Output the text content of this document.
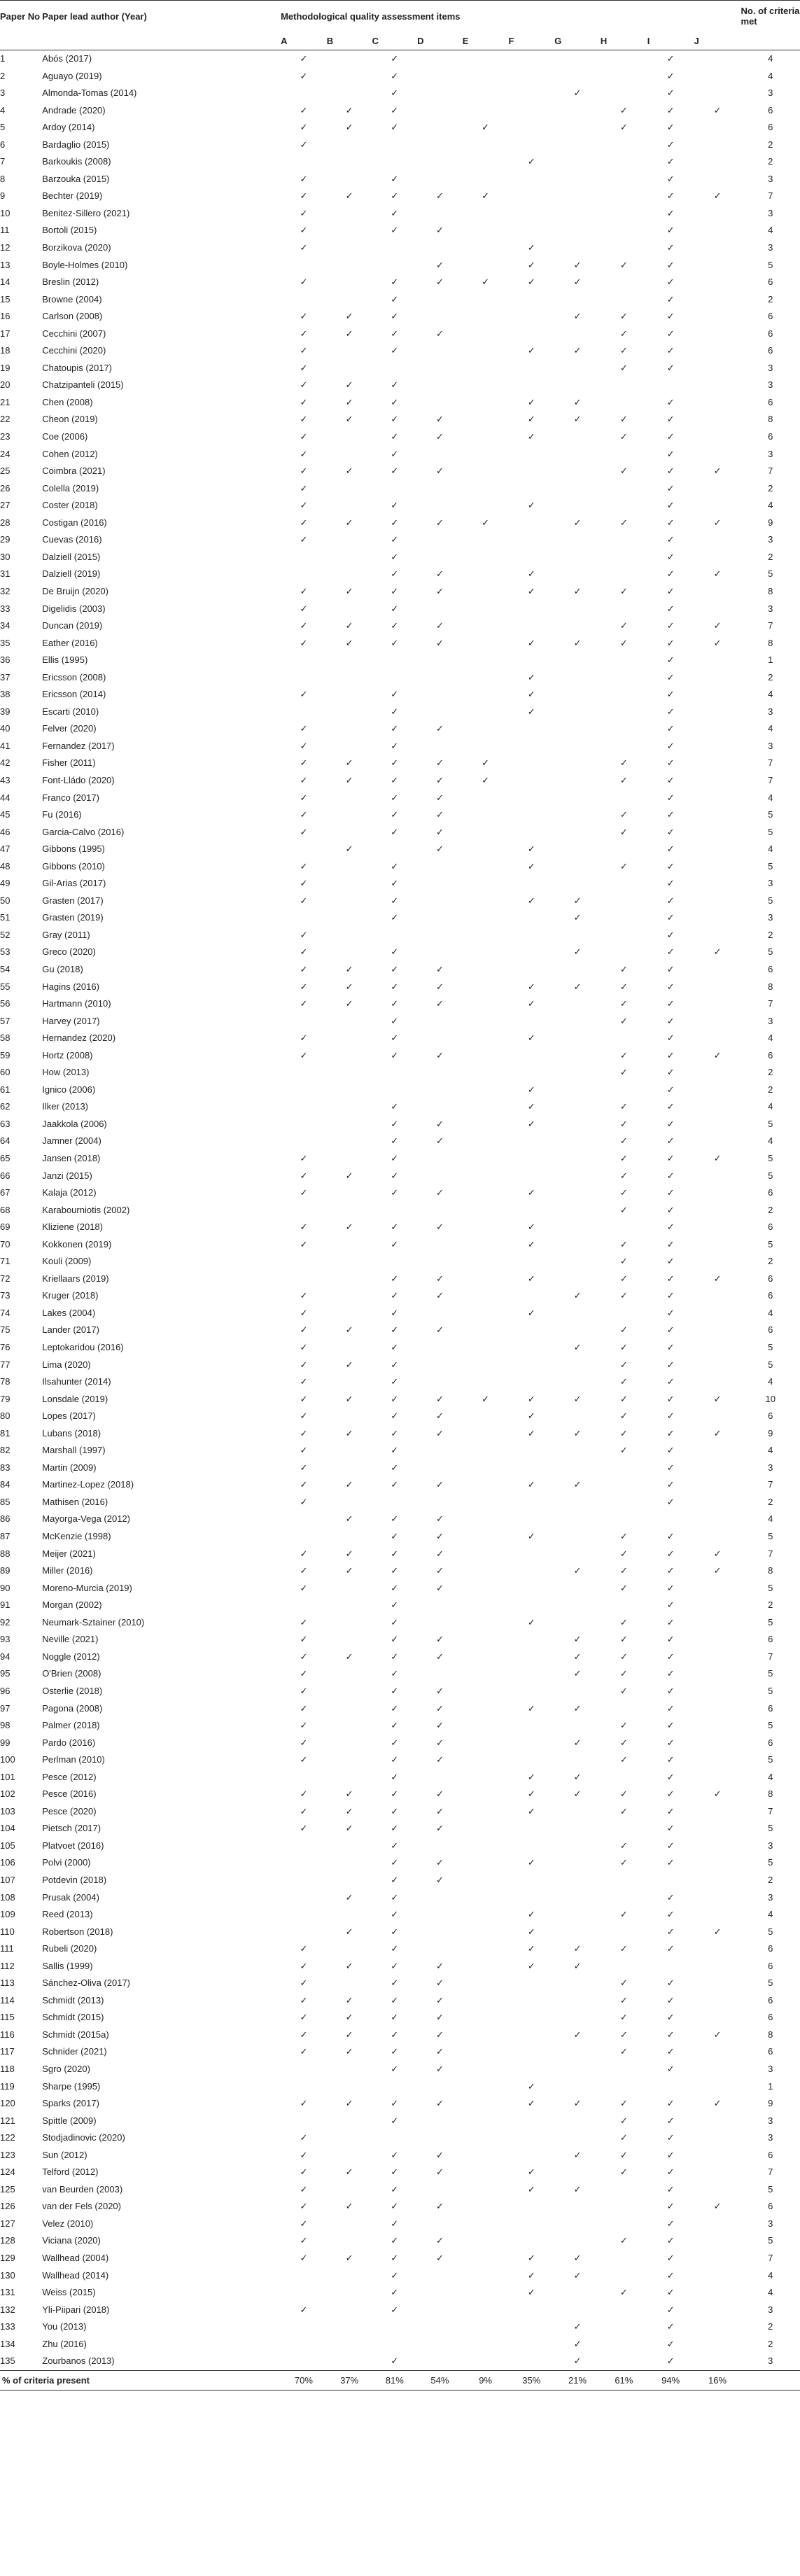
Paper No	Paper lead author (Year)	Methodological quality assessment items										No. of criteria met
		A	B	C	D	E	F	G	H	I	J	
1	Abós (2017)	✓		✓						✓		4
2	Aguayo (2019)	✓		✓						✓		4
3	Almonda-Tomas (2014)			✓				✓		✓		3
4	Andrade (2020)	✓	✓	✓					✓	✓	✓	6
5	Ardoy (2014)	✓	✓	✓		✓			✓	✓		6
6	Bardaglio (2015)	✓								✓		2
7	Barkoukis (2008)						✓			✓		2
8	Barzouka (2015)	✓		✓						✓		3
9	Bechter (2019)	✓	✓	✓	✓	✓				✓	✓	7
10	Benitez-Sillero (2021)	✓		✓						✓		3
11	Bortoli (2015)	✓		✓	✓					✓		4
12	Borzikova (2020)	✓					✓			✓		3
13	Boyle-Holmes (2010)				✓		✓	✓	✓	✓		5
14	Breslin (2012)	✓		✓	✓	✓	✓	✓		✓		6
15	Browne (2004)			✓						✓		2
16	Carlson (2008)	✓	✓	✓				✓	✓	✓		6
17	Cecchini (2007)	✓	✓	✓	✓				✓	✓		6
18	Cecchini (2020)	✓		✓			✓	✓	✓	✓		6
19	Chatoupis (2017)	✓							✓	✓		3
20	Chatzipanteli (2015)	✓	✓	✓								3
21	Chen (2008)	✓	✓	✓			✓	✓		✓		6
22	Cheon (2019)	✓	✓	✓	✓		✓	✓	✓	✓		8
23	Coe (2006)	✓		✓	✓		✓		✓	✓		6
24	Cohen (2012)	✓		✓						✓		3
25	Coimbra (2021)	✓	✓	✓	✓				✓	✓	✓	7
26	Colella (2019)	✓								✓		2
27	Coster (2018)	✓		✓			✓			✓		4
28	Costigan (2016)	✓	✓	✓	✓	✓		✓	✓	✓	✓	9
29	Cuevas (2016)	✓		✓						✓		3
30	Dalziell (2015)			✓						✓		2
31	Dalziell (2019)			✓	✓		✓			✓	✓	5
32	De Bruijn (2020)	✓	✓	✓	✓		✓	✓	✓	✓		8
33	Digelidis (2003)	✓		✓						✓		3
34	Duncan (2019)	✓	✓	✓	✓				✓	✓	✓	7
35	Eather (2016)	✓	✓	✓	✓		✓	✓	✓	✓	✓	8
36	Ellis (1995)									✓		1
37	Ericsson (2008)						✓			✓		2
38	Ericsson (2014)	✓		✓			✓			✓		4
39	Escarti (2010)			✓			✓			✓		3
40	Felver (2020)	✓		✓	✓					✓		4
41	Fernandez (2017)	✓		✓						✓		3
42	Fisher (2011)	✓	✓	✓	✓	✓			✓	✓		7
43	Font-Lládo (2020)	✓	✓	✓	✓	✓			✓	✓		7
44	Franco (2017)	✓		✓	✓					✓		4
45	Fu (2016)	✓		✓	✓				✓	✓		5
46	Garcia-Calvo (2016)	✓		✓	✓				✓	✓		5
47	Gibbons (1995)		✓		✓		✓			✓		4
48	Gibbons (2010)	✓		✓			✓		✓	✓		5
49	Gil-Arias (2017)	✓		✓						✓		3
50	Grasten (2017)	✓		✓			✓	✓		✓		5
51	Grasten (2019)			✓				✓		✓		3
52	Gray (2011)	✓								✓		2
53	Greco (2020)	✓		✓				✓		✓	✓	5
54	Gu (2018)	✓	✓	✓	✓				✓	✓		6
55	Hagins (2016)	✓	✓	✓	✓		✓	✓	✓	✓		8
56	Hartmann (2010)	✓	✓	✓	✓		✓		✓	✓		7
57	Harvey (2017)			✓					✓	✓		3
58	Hernandez (2020)	✓		✓			✓			✓		4
59	Hortz (2008)	✓		✓	✓				✓	✓	✓	6
60	How (2013)								✓	✓		2
61	Ignico (2006)						✓			✓		2
62	Ilker (2013)			✓			✓		✓	✓		4
63	Jaakkola (2006)			✓	✓		✓		✓	✓		5
64	Jamner (2004)			✓	✓				✓	✓		4
65	Jansen (2018)	✓		✓					✓	✓	✓	5
66	Janzi (2015)	✓	✓	✓					✓	✓		5
67	Kalaja (2012)	✓		✓	✓		✓		✓	✓		6
68	Karabourniotis (2002)								✓	✓		2
69	Kliziene (2018)	✓	✓	✓	✓		✓			✓		6
70	Kokkonen (2019)	✓		✓			✓		✓	✓		5
71	Kouli (2009)								✓	✓		2
72	Kriellaars (2019)			✓	✓		✓		✓	✓	✓	6
73	Kruger (2018)	✓		✓	✓			✓	✓	✓		6
74	Lakes (2004)	✓		✓			✓			✓		4
75	Lander (2017)	✓	✓	✓	✓				✓	✓		6
76	Leptokaridou (2016)	✓		✓				✓	✓	✓		5
77	Lima (2020)	✓	✓	✓					✓	✓		5
78	Ilsahunter (2014)	✓		✓					✓	✓		4
79	Lonsdale (2019)	✓	✓	✓	✓	✓	✓	✓	✓	✓	✓	10
80	Lopes (2017)	✓		✓	✓		✓		✓	✓		6
81	Lubans (2018)	✓	✓	✓	✓		✓	✓	✓	✓	✓	9
82	Marshall (1997)	✓		✓					✓	✓		4
83	Martin (2009)	✓		✓						✓		3
84	Martinez-Lopez (2018)	✓	✓	✓	✓		✓	✓		✓		7
85	Mathisen (2016)	✓								✓		2
86	Mayorga-Vega (2012)		✓	✓	✓							4
87	McKenzie (1998)			✓	✓		✓		✓	✓		5
88	Meijer (2021)	✓	✓	✓	✓				✓	✓	✓	7
89	Miller (2016)	✓	✓	✓	✓			✓	✓	✓	✓	8
90	Moreno-Murcia (2019)	✓		✓	✓				✓	✓		5
91	Morgan (2002)			✓						✓		2
92	Neumark-Sztainer (2010)	✓		✓			✓		✓	✓		5
93	Neville (2021)	✓		✓	✓			✓	✓	✓		6
94	Noggle (2012)	✓	✓	✓	✓			✓	✓	✓		7
95	O'Brien (2008)	✓		✓				✓	✓	✓		5
96	Osterlie (2018)	✓		✓	✓				✓	✓		5
97	Pagona (2008)	✓		✓	✓		✓	✓		✓		6
98	Palmer (2018)	✓		✓	✓				✓	✓		5
99	Pardo (2016)	✓		✓	✓			✓	✓	✓		6
100	Perlman (2010)	✓		✓	✓				✓	✓		5
101	Pesce (2012)			✓			✓	✓		✓		4
102	Pesce (2016)	✓	✓	✓	✓		✓	✓	✓	✓	✓	8
103	Pesce (2020)	✓	✓	✓	✓		✓		✓	✓		7
104	Pietsch (2017)	✓	✓	✓	✓					✓		5
105	Platvoet (2016)			✓					✓	✓		3
106	Polvi (2000)			✓	✓		✓		✓	✓		5
107	Potdevin (2018)			✓	✓							2
108	Prusak (2004)		✓	✓						✓		3
109	Reed (2013)			✓			✓		✓	✓		4
110	Robertson (2018)		✓	✓			✓			✓	✓	5
111	Rubeli (2020)	✓		✓			✓	✓	✓	✓		6
112	Sallis (1999)	✓	✓	✓	✓		✓	✓				6
113	Sánchez-Oliva (2017)	✓		✓	✓				✓	✓		5
114	Schmidt (2013)	✓	✓	✓	✓				✓	✓		6
115	Schmidt (2015)	✓	✓	✓	✓				✓	✓		6
116	Schmidt (2015a)	✓	✓	✓	✓			✓	✓	✓	✓	8
117	Schnider (2021)	✓	✓	✓	✓				✓	✓		6
118	Sgro (2020)			✓	✓					✓		3
119	Sharpe (1995)						✓					1
120	Sparks (2017)	✓	✓	✓	✓		✓	✓	✓	✓	✓	9
121	Spittle (2009)			✓					✓	✓		3
122	Stodjadinovic (2020)	✓							✓	✓		3
123	Sun (2012)	✓		✓	✓			✓	✓	✓		6
124	Telford (2012)	✓	✓	✓	✓		✓		✓	✓		7
125	van Beurden (2003)	✓		✓			✓	✓		✓		5
126	van der Fels (2020)	✓	✓	✓	✓					✓	✓	6
127	Velez (2010)	✓		✓						✓		3
128	Viciana (2020)	✓		✓	✓				✓	✓		5
129	Wallhead (2004)	✓	✓	✓	✓		✓	✓		✓		7
130	Wallhead (2014)			✓			✓	✓		✓		4
131	Weiss (2015)			✓			✓		✓	✓		4
132	Yli-Piipari (2018)	✓		✓						✓		3
133	You (2013)							✓		✓		2
134	Zhu (2016)							✓		✓		2
135	Zourbanos (2013)			✓				✓		✓		3
% of criteria present		70%	37%	81%	54%	9%	35%	21%	61%	94%	16%	
